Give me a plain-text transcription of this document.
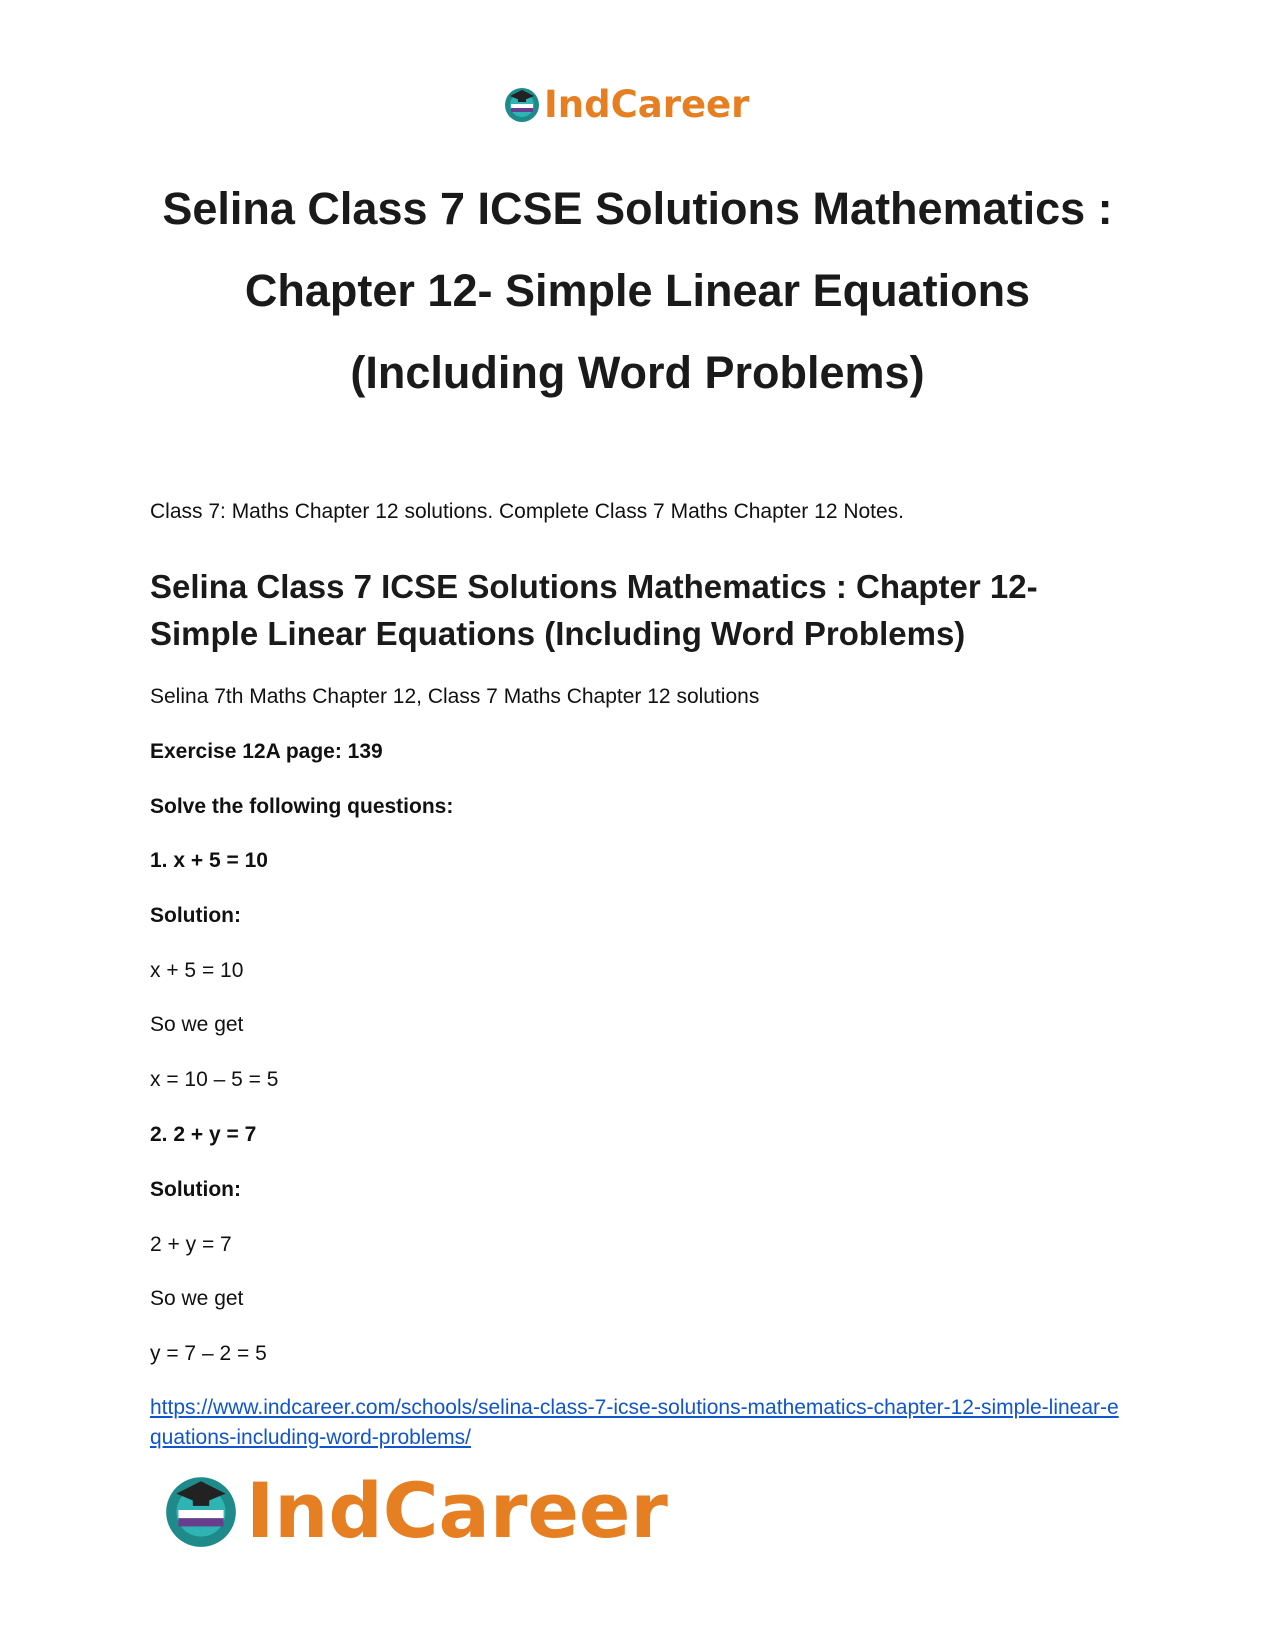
IndCareer
Selina Class 7 ICSE Solutions Mathematics :
Chapter 12- Simple Linear Equations
(Including Word Problems)

Class 7: Maths Chapter 12 solutions. Complete Class 7 Maths Chapter 12 Notes.

Selina Class 7 ICSE Solutions Mathematics : Chapter 12- Simple Linear Equations (Including Word Problems)

Selina 7th Maths Chapter 12, Class 7 Maths Chapter 12 solutions

Exercise 12A page: 139

Solve the following questions:

1. x + 5 = 10

Solution:

x + 5 = 10

So we get

x = 10 – 5 = 5

2. 2 + y = 7

Solution:

2 + y = 7

So we get

y = 7 – 2 = 5

https://www.indcareer.com/schools/selina-class-7-icse-solutions-mathematics-chapter-12-simple-linear-equations-including-word-problems/
IndCareer
